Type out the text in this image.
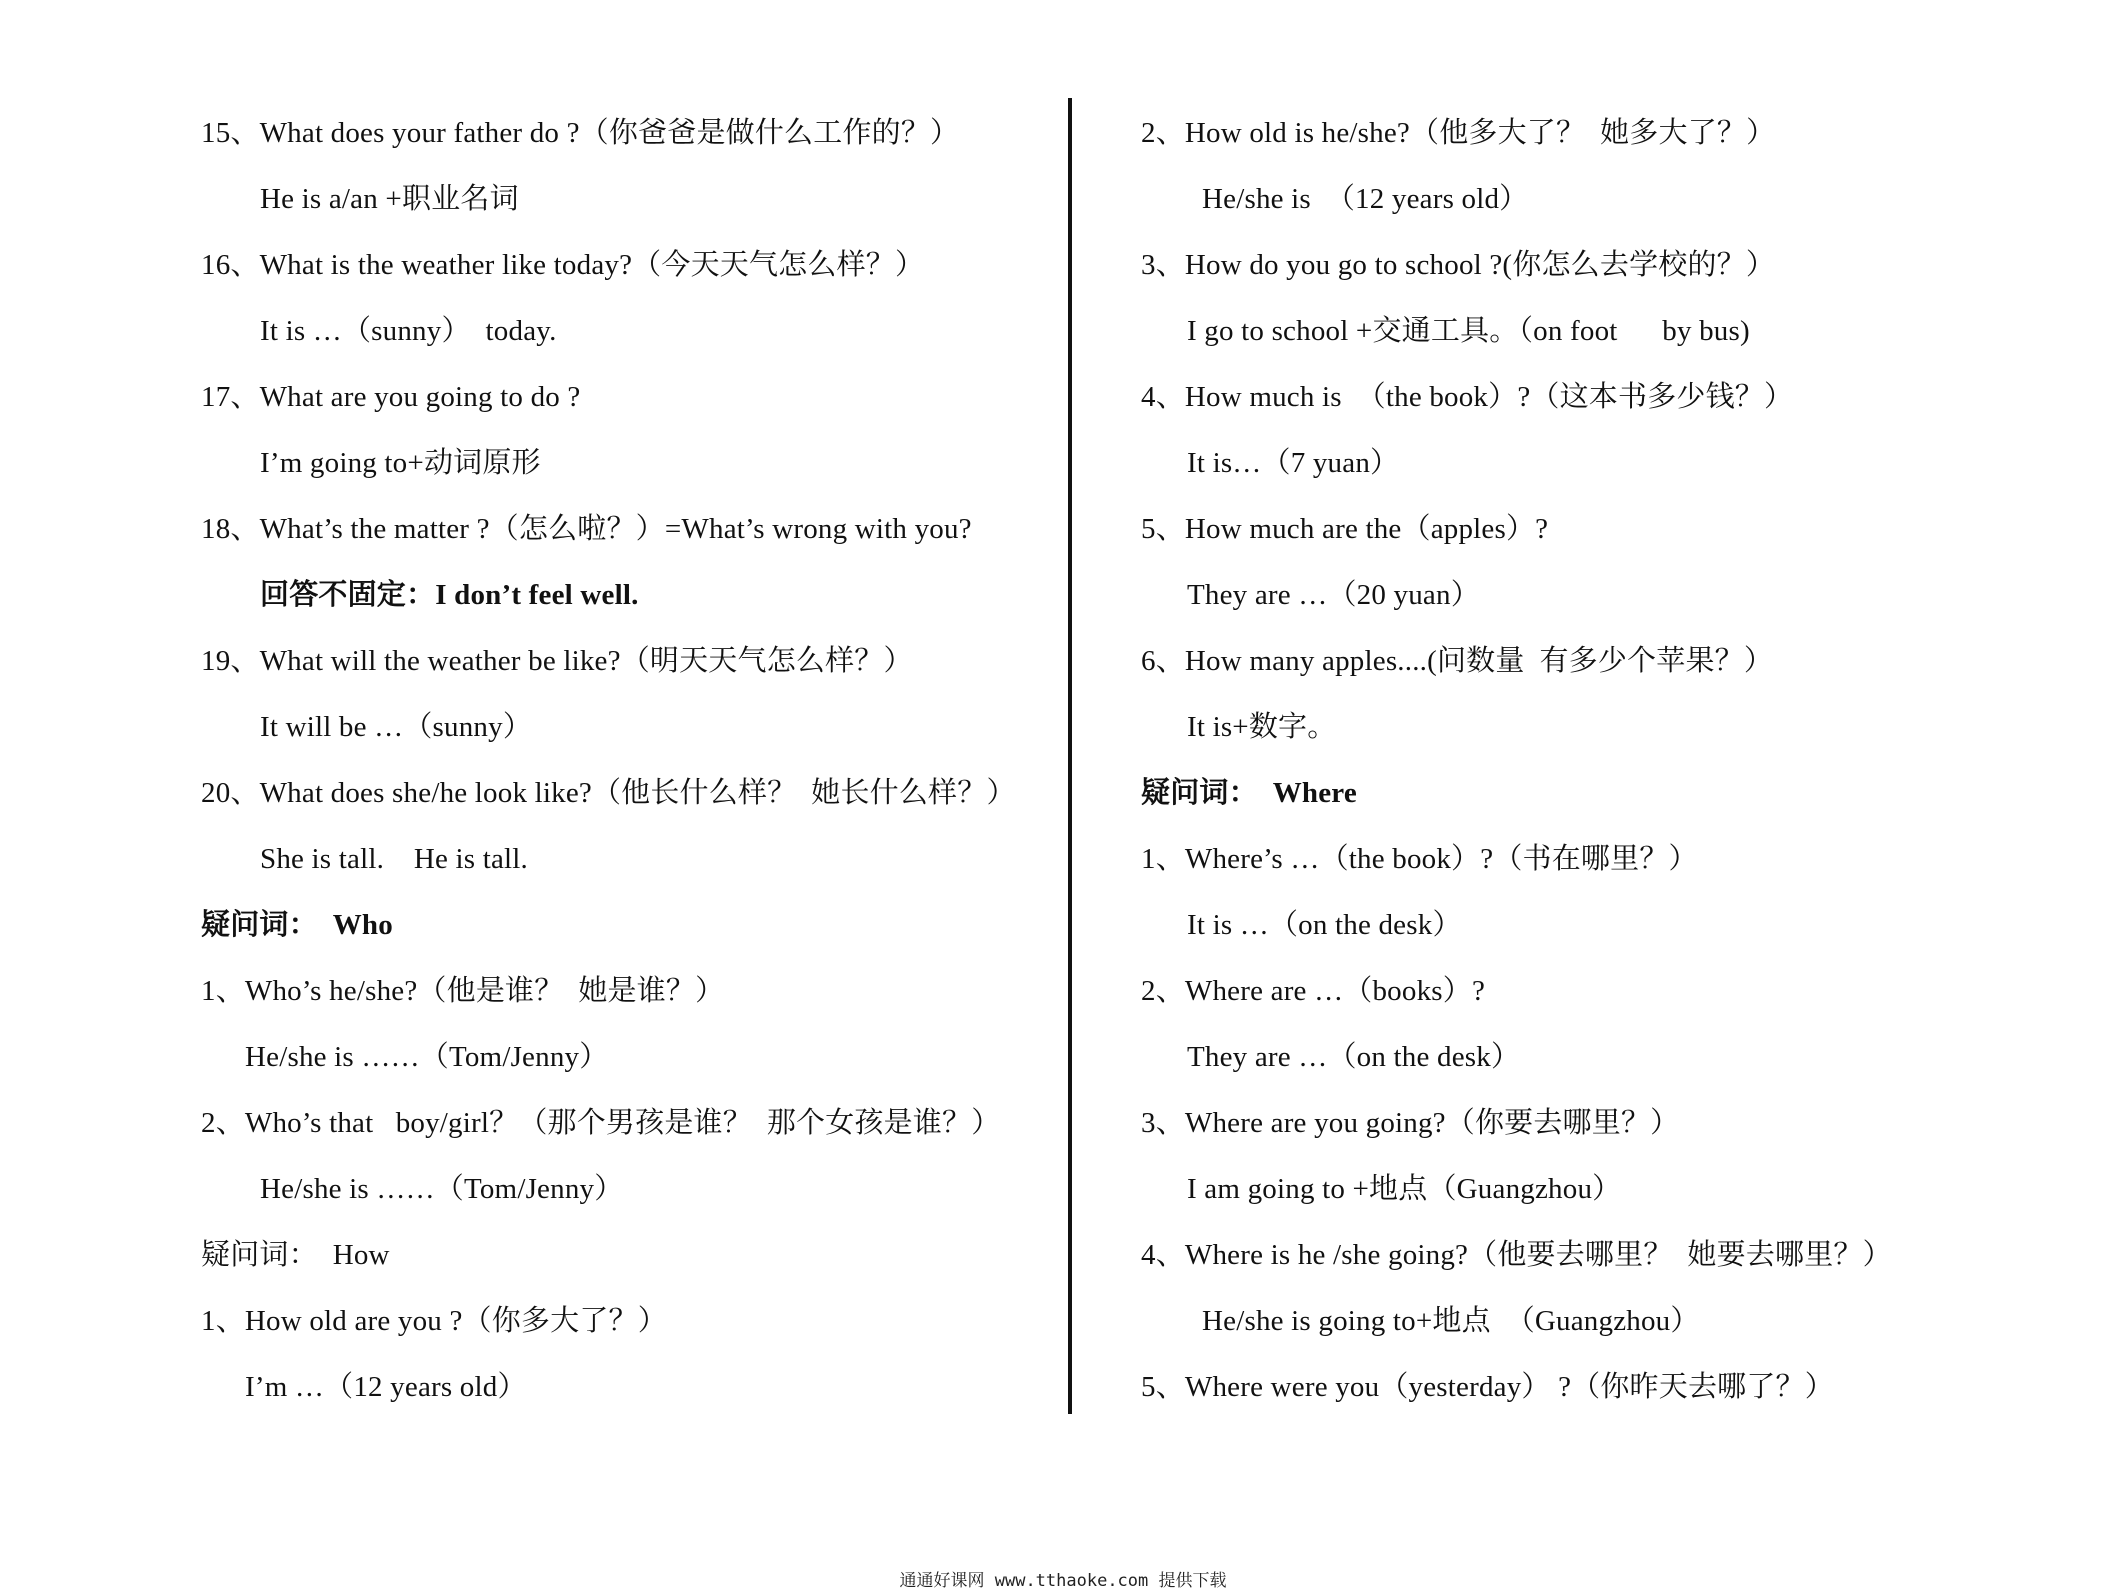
15、What does your father do ?（你爸爸是做什么工作的？）
He is a/an +职业名词
16、What is the weather like today?（今天天气怎么样？）
It is …（sunny）  today.
17、What are you going to do ?
I’m going to+动词原形
18、What’s the matter ?（怎么啦？）=What’s wrong with you?
回答不固定：I don’t feel well.
19、What will the weather be like?（明天天气怎么样？）
It will be …（sunny）
20、What does she/he look like?（他长什么样？  她长什么样？）
She is tall.    He is tall.
疑问词：  Who
1、Who’s he/she?（他是谁？  她是谁？）
He/she is ……（Tom/Jenny）
2、Who’s that   boy/girl？（那个男孩是谁？  那个女孩是谁？）
He/she is ……（Tom/Jenny）
疑问词：  How
1、How old are you ?（你多大了？）
I’m …（12 years old）
2、How old is he/she?（他多大了？  她多大了？）
He/she is  （12 years old）
3、How do you go to school ?(你怎么去学校的？）
I go to school +交通工具。（on foot      by bus)
4、How much is  （the book）?（这本书多少钱？）
It is…（7 yuan）
5、How much are the（apples）?
They are …（20 yuan）
6、How many apples....(问数量  有多少个苹果？）
It is+数字。
疑问词：  Where
1、Where’s …（the book）?（书在哪里？）
It is …（on the desk）
2、Where are …（books）?
They are …（on the desk）
3、Where are you going?（你要去哪里？）
I am going to +地点（Guangzhou）
4、Where is he /she going?（他要去哪里？  她要去哪里？）
He/she is going to+地点  （Guangzhou）
5、Where were you（yesterday） ?（你昨天去哪了？）
通通好课网 www.tthaoke.com 提供下载
